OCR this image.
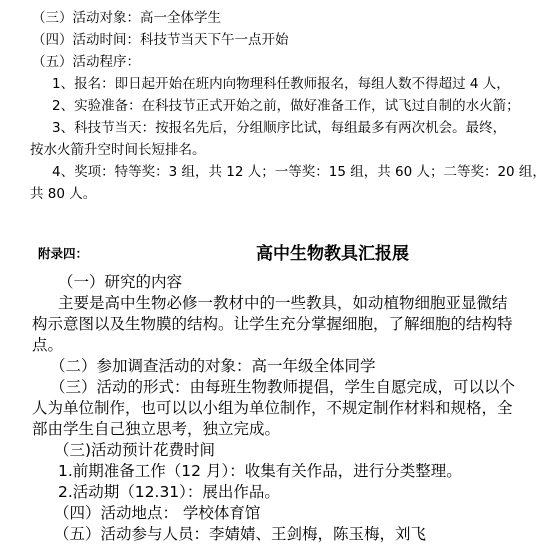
（三）活动对象：高一全体学生
（四）活动时间：科技节当天下午一点开始
（五）活动程序：
1、报名：即日起开始在班内向物理科任教师报名，每组人数不得超过 4 人，
2、实验准备：在科技节正式开始之前，做好准备工作，试飞过自制的水火箭；
3、科技节当天：按报名先后，分组顺序比试，每组最多有两次机会。最终，
按水火箭升空时间长短排名。
4、奖项：特等奖：3 组，共 12 人；一等奖：15 组，共 60 人；二等奖：20 组，
共 80 人。
附录四：	高中生物教具汇报展
（一）研究的内容
主要是高中生物必修一教材中的一些教具，如动植物细胞亚显微结
构示意图以及生物膜的结构。让学生充分掌握细胞，了解细胞的结构特
点。
（二）参加调查活动的对象：高一年级全体同学
（三）活动的形式：由每班生物教师提倡，学生自愿完成，可以以个
人为单位制作，也可以以小组为单位制作，不规定制作材料和规格，全
部由学生自己独立思考，独立完成。
（三)活动预计花费时间
1.前期准备工作（12 月）：收集有关作品，进行分类整理。
2.活动期（12.31）：展出作品。
（四）活动地点： 学校体育馆
（五）活动参与人员：李婧婧、王剑梅，陈玉梅，刘飞
